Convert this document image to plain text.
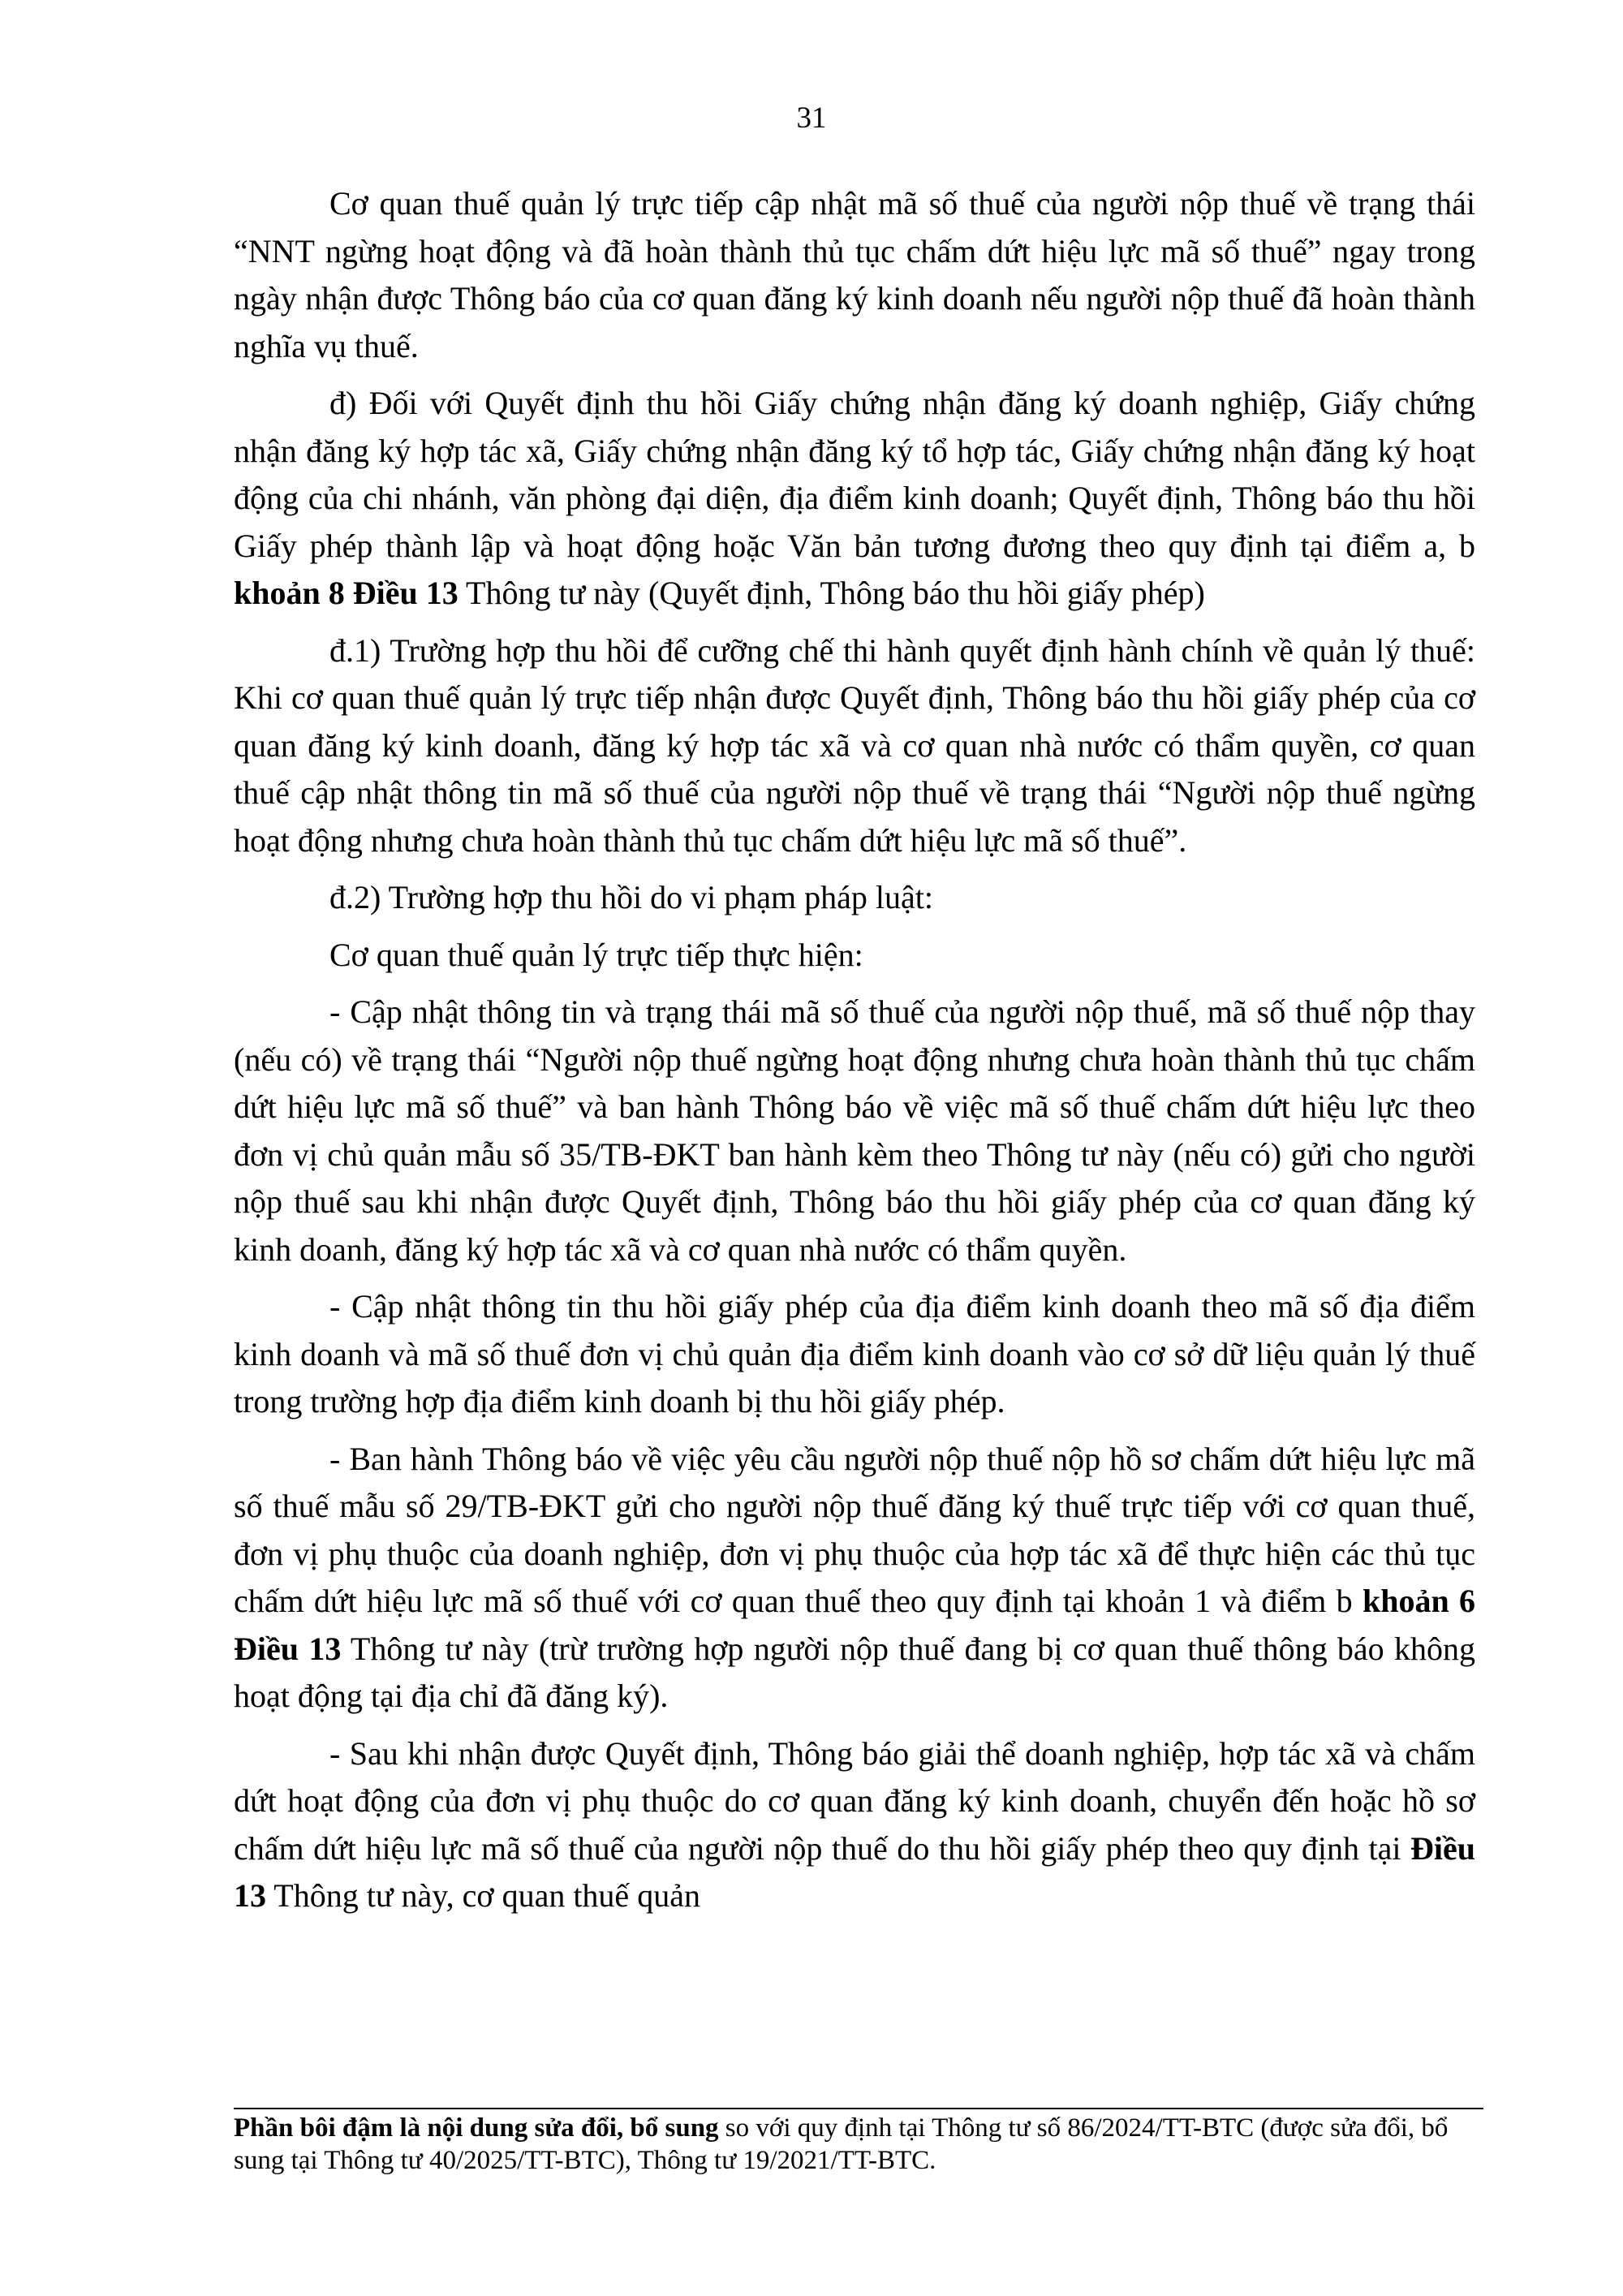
31

Cơ quan thuế quản lý trực tiếp cập nhật mã số thuế của người nộp thuế về trạng thái “NNT ngừng hoạt động và đã hoàn thành thủ tục chấm dứt hiệu lực mã số thuế” ngay trong ngày nhận được Thông báo của cơ quan đăng ký kinh doanh nếu người nộp thuế đã hoàn thành nghĩa vụ thuế.

đ) Đối với Quyết định thu hồi Giấy chứng nhận đăng ký doanh nghiệp, Giấy chứng nhận đăng ký hợp tác xã, Giấy chứng nhận đăng ký tổ hợp tác, Giấy chứng nhận đăng ký hoạt động của chi nhánh, văn phòng đại diện, địa điểm kinh doanh; Quyết định, Thông báo thu hồi Giấy phép thành lập và hoạt động hoặc Văn bản tương đương theo quy định tại điểm a, b khoản 8 Điều 13 Thông tư này (Quyết định, Thông báo thu hồi giấy phép)

đ.1) Trường hợp thu hồi để cưỡng chế thi hành quyết định hành chính về quản lý thuế: Khi cơ quan thuế quản lý trực tiếp nhận được Quyết định, Thông báo thu hồi giấy phép của cơ quan đăng ký kinh doanh, đăng ký hợp tác xã và cơ quan nhà nước có thẩm quyền, cơ quan thuế cập nhật thông tin mã số thuế của người nộp thuế về trạng thái “Người nộp thuế ngừng hoạt động nhưng chưa hoàn thành thủ tục chấm dứt hiệu lực mã số thuế”.

đ.2) Trường hợp thu hồi do vi phạm pháp luật:

Cơ quan thuế quản lý trực tiếp thực hiện:

- Cập nhật thông tin và trạng thái mã số thuế của người nộp thuế, mã số thuế nộp thay (nếu có) về trạng thái “Người nộp thuế ngừng hoạt động nhưng chưa hoàn thành thủ tục chấm dứt hiệu lực mã số thuế” và ban hành Thông báo về việc mã số thuế chấm dứt hiệu lực theo đơn vị chủ quản mẫu số 35/TB-ĐKT ban hành kèm theo Thông tư này (nếu có) gửi cho người nộp thuế sau khi nhận được Quyết định, Thông báo thu hồi giấy phép của cơ quan đăng ký kinh doanh, đăng ký hợp tác xã và cơ quan nhà nước có thẩm quyền.

- Cập nhật thông tin thu hồi giấy phép của địa điểm kinh doanh theo mã số địa điểm kinh doanh và mã số thuế đơn vị chủ quản địa điểm kinh doanh vào cơ sở dữ liệu quản lý thuế trong trường hợp địa điểm kinh doanh bị thu hồi giấy phép.

- Ban hành Thông báo về việc yêu cầu người nộp thuế nộp hồ sơ chấm dứt hiệu lực mã số thuế mẫu số 29/TB-ĐKT gửi cho người nộp thuế đăng ký thuế trực tiếp với cơ quan thuế, đơn vị phụ thuộc của doanh nghiệp, đơn vị phụ thuộc của hợp tác xã để thực hiện các thủ tục chấm dứt hiệu lực mã số thuế với cơ quan thuế theo quy định tại khoản 1 và điểm b khoản 6 Điều 13 Thông tư này (trừ trường hợp người nộp thuế đang bị cơ quan thuế thông báo không hoạt động tại địa chỉ đã đăng ký).

- Sau khi nhận được Quyết định, Thông báo giải thể doanh nghiệp, hợp tác xã và chấm dứt hoạt động của đơn vị phụ thuộc do cơ quan đăng ký kinh doanh, chuyển đến hoặc hồ sơ chấm dứt hiệu lực mã số thuế của người nộp thuế do thu hồi giấy phép theo quy định tại Điều 13 Thông tư này, cơ quan thuế quản

Phần bôi đậm là nội dung sửa đổi, bổ sung so với quy định tại Thông tư số 86/2024/TT-BTC (được sửa đổi, bổ sung tại Thông tư 40/2025/TT-BTC), Thông tư 19/2021/TT-BTC.
